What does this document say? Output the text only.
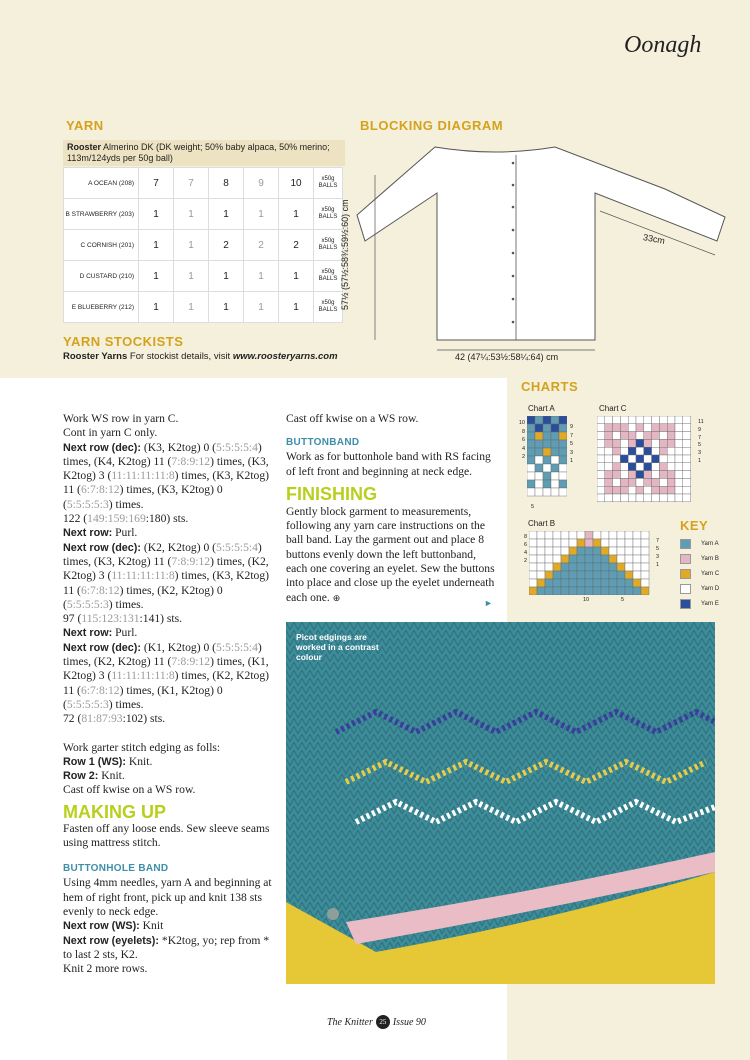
Oonagh
YARN
Rooster Almerino DK (DK weight; 50% baby alpaca, 50% merino; 113m/124yds per 50g ball)
A OCEAN (208)	7	7	8	9	10	x50g BALLS
B STRAWBERRY (203)	1	1	1	1	1	x50g BALLS
C CORNISH (201)	1	1	2	2	2	x50g BALLS
D CUSTARD (210)	1	1	1	1	1	x50g BALLS
E BLUEBERRY (212)	1	1	1	1	1	x50g BALLS
YARN STOCKISTS
Rooster Yarns For stockist details, visit www.roosteryarns.com
BLOCKING DIAGRAM
57½ (57½:58¾:59½:60) cm	33cm
42 (47¼:53½:58¼:64) cm
CHARTS
Chart A	Chart C
Chart B
10
8
6
4
2
9
7
5
3
1
11
9
7
5
3
1
8
6
4
2
7
5
3
1
5
10	5
KEY
Yarn A
Yarn B
Yarn C
Yarn D
Yarn E
Work WS row in yarn C.
Cont in yarn C only.
Next row (dec): (K3, K2tog) 0 (5:5:5:5:4) times, (K4, K2tog) 11 (7:8:9:12) times, (K3, K2tog) 3 (11:11:11:11:8) times, (K3, K2tog) 11 (6:7:8:12) times, (K3, K2tog) 0 (5:5:5:5:3) times.
122 (149:159:169:180) sts.
Next row: Purl.
Next row (dec): (K2, K2tog) 0 (5:5:5:5:4) times, (K3, K2tog) 11 (7:8:9:12) times, (K2, K2tog) 3 (11:11:11:11:8) times, (K3, K2tog) 11 (6:7:8:12) times, (K2, K2tog) 0 (5:5:5:5:3) times.
97 (115:123:131:141) sts.
Next row: Purl.
Next row (dec): (K1, K2tog) 0 (5:5:5:5:4) times, (K2, K2tog) 11 (7:8:9:12) times, (K1, K2tog) 3 (11:11:11:11:8) times, (K2, K2tog) 11 (6:7:8:12) times, (K1, K2tog) 0 (5:5:5:5:3) times.
72 (81:87:93:102) sts.
Work garter stitch edging as folls:
Row 1 (WS): Knit.
Row 2: Knit.
Cast off kwise on a WS row.
MAKING UP
Fasten off any loose ends. Sew sleeve seams using mattress stitch.
BUTTONHOLE BAND
Using 4mm needles, yarn A and beginning at hem of right front, pick up and knit 138 sts evenly to neck edge.
Next row (WS): Knit
Next row (eyelets): *K2tog, yo; rep from * to last 2 sts, K2.
Knit 2 more rows.
Cast off kwise on a WS row.
BUTTONBAND
Work as for buttonhole band with RS facing of left front and beginning at neck edge.
FINISHING
Gently block garment to measurements, following any yarn care instructions on the ball band. Lay the garment out and place 8 buttons evenly down the left buttonband, each one covering an eyelet. Sew the buttons into place and close up the eyelet underneath each one. ⊕
►
Picot edgings are worked in a contrast colour
The Knitter 25 Issue 90
